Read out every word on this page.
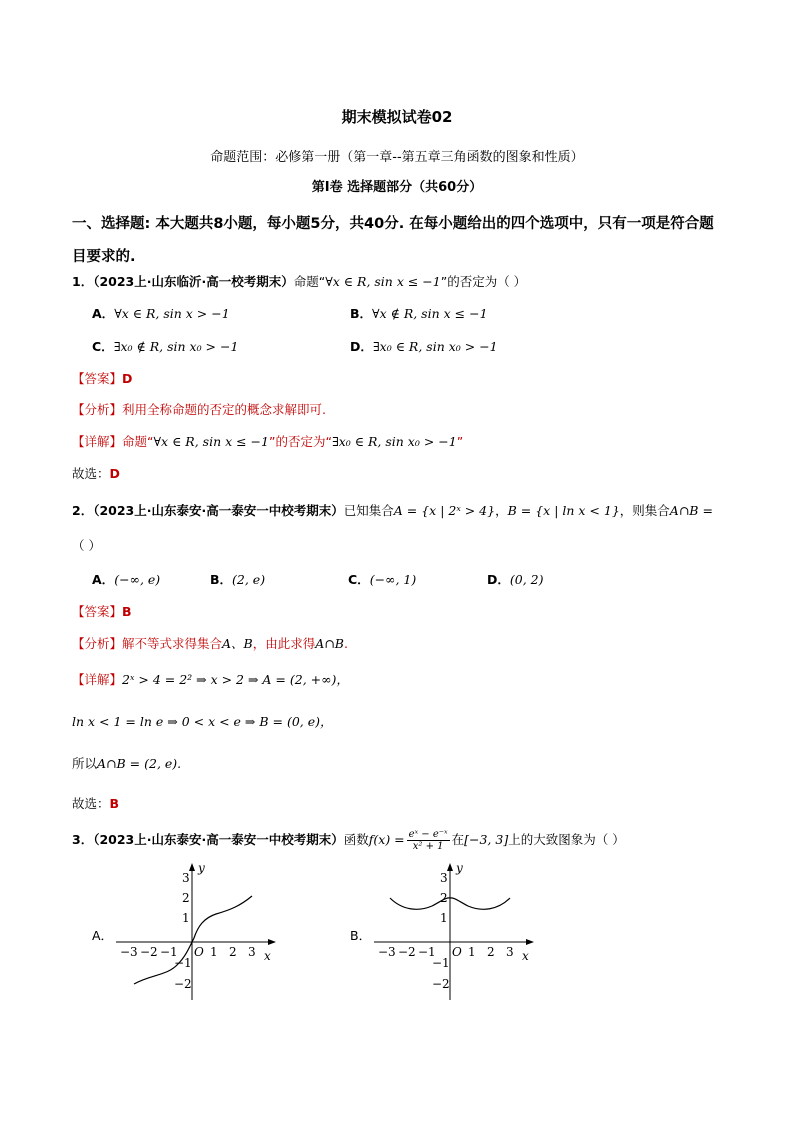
期末模拟试卷02
命题范围：必修第一册（第一章--第五章三角函数的图象和性质）
第Ⅰ卷 选择题部分（共60分）
一、选择题: 本大题共8小题，每小题5分，共40分. 在每小题给出的四个选项中，只有一项是符合题目要求的.
1．（2023上·山东临沂·高一校考期末）命题“∀x ∈ R, sin x ≤ −1”的否定为（ ）
A．∀x ∈ R, sin x > −1	B．∀x ∉ R, sin x ≤ −1
C．∃x₀ ∉ R, sin x₀ > −1	D．∃x₀ ∈ R, sin x₀ > −1
【答案】D
【分析】利用全称命题的否定的概念求解即可.
【详解】命题“∀x ∈ R, sin x ≤ −1”的否定为“∃x₀ ∈ R, sin x₀ > −1”
故选：D
2．（2023上·山东泰安·高一泰安一中校考期末）已知集合A = {x | 2ˣ > 4}，B = {x | ln x < 1}，则集合A∩B =
（ ）
A．(−∞, e)	B．(2, e)	C．(−∞, 1)	D．(0, 2)
【答案】B
【分析】解不等式求得集合A、B，由此求得A∩B.
【详解】2ˣ > 4 = 2² ⇒ x > 2 ⇒ A = (2, +∞)，
ln x < 1 = ln e ⇒ 0 < x < e ⇒ B = (0, e)，
所以A∩B = (2, e).
故选：B
3．（2023上·山东泰安·高一泰安一中校考期末）函数$f(x) = \frac{\text{eˣ − e⁻ˣ}}{\text{x² + 1}}$ 在[−3, 3]上的大致图象为（ ）
A．
x
y
−3 −2 −1 O 1 2 3
3
2
1
−1
−2
B．
x
y
−3 −2 −1 O 1 2 3
3
2
1
−1
−2
